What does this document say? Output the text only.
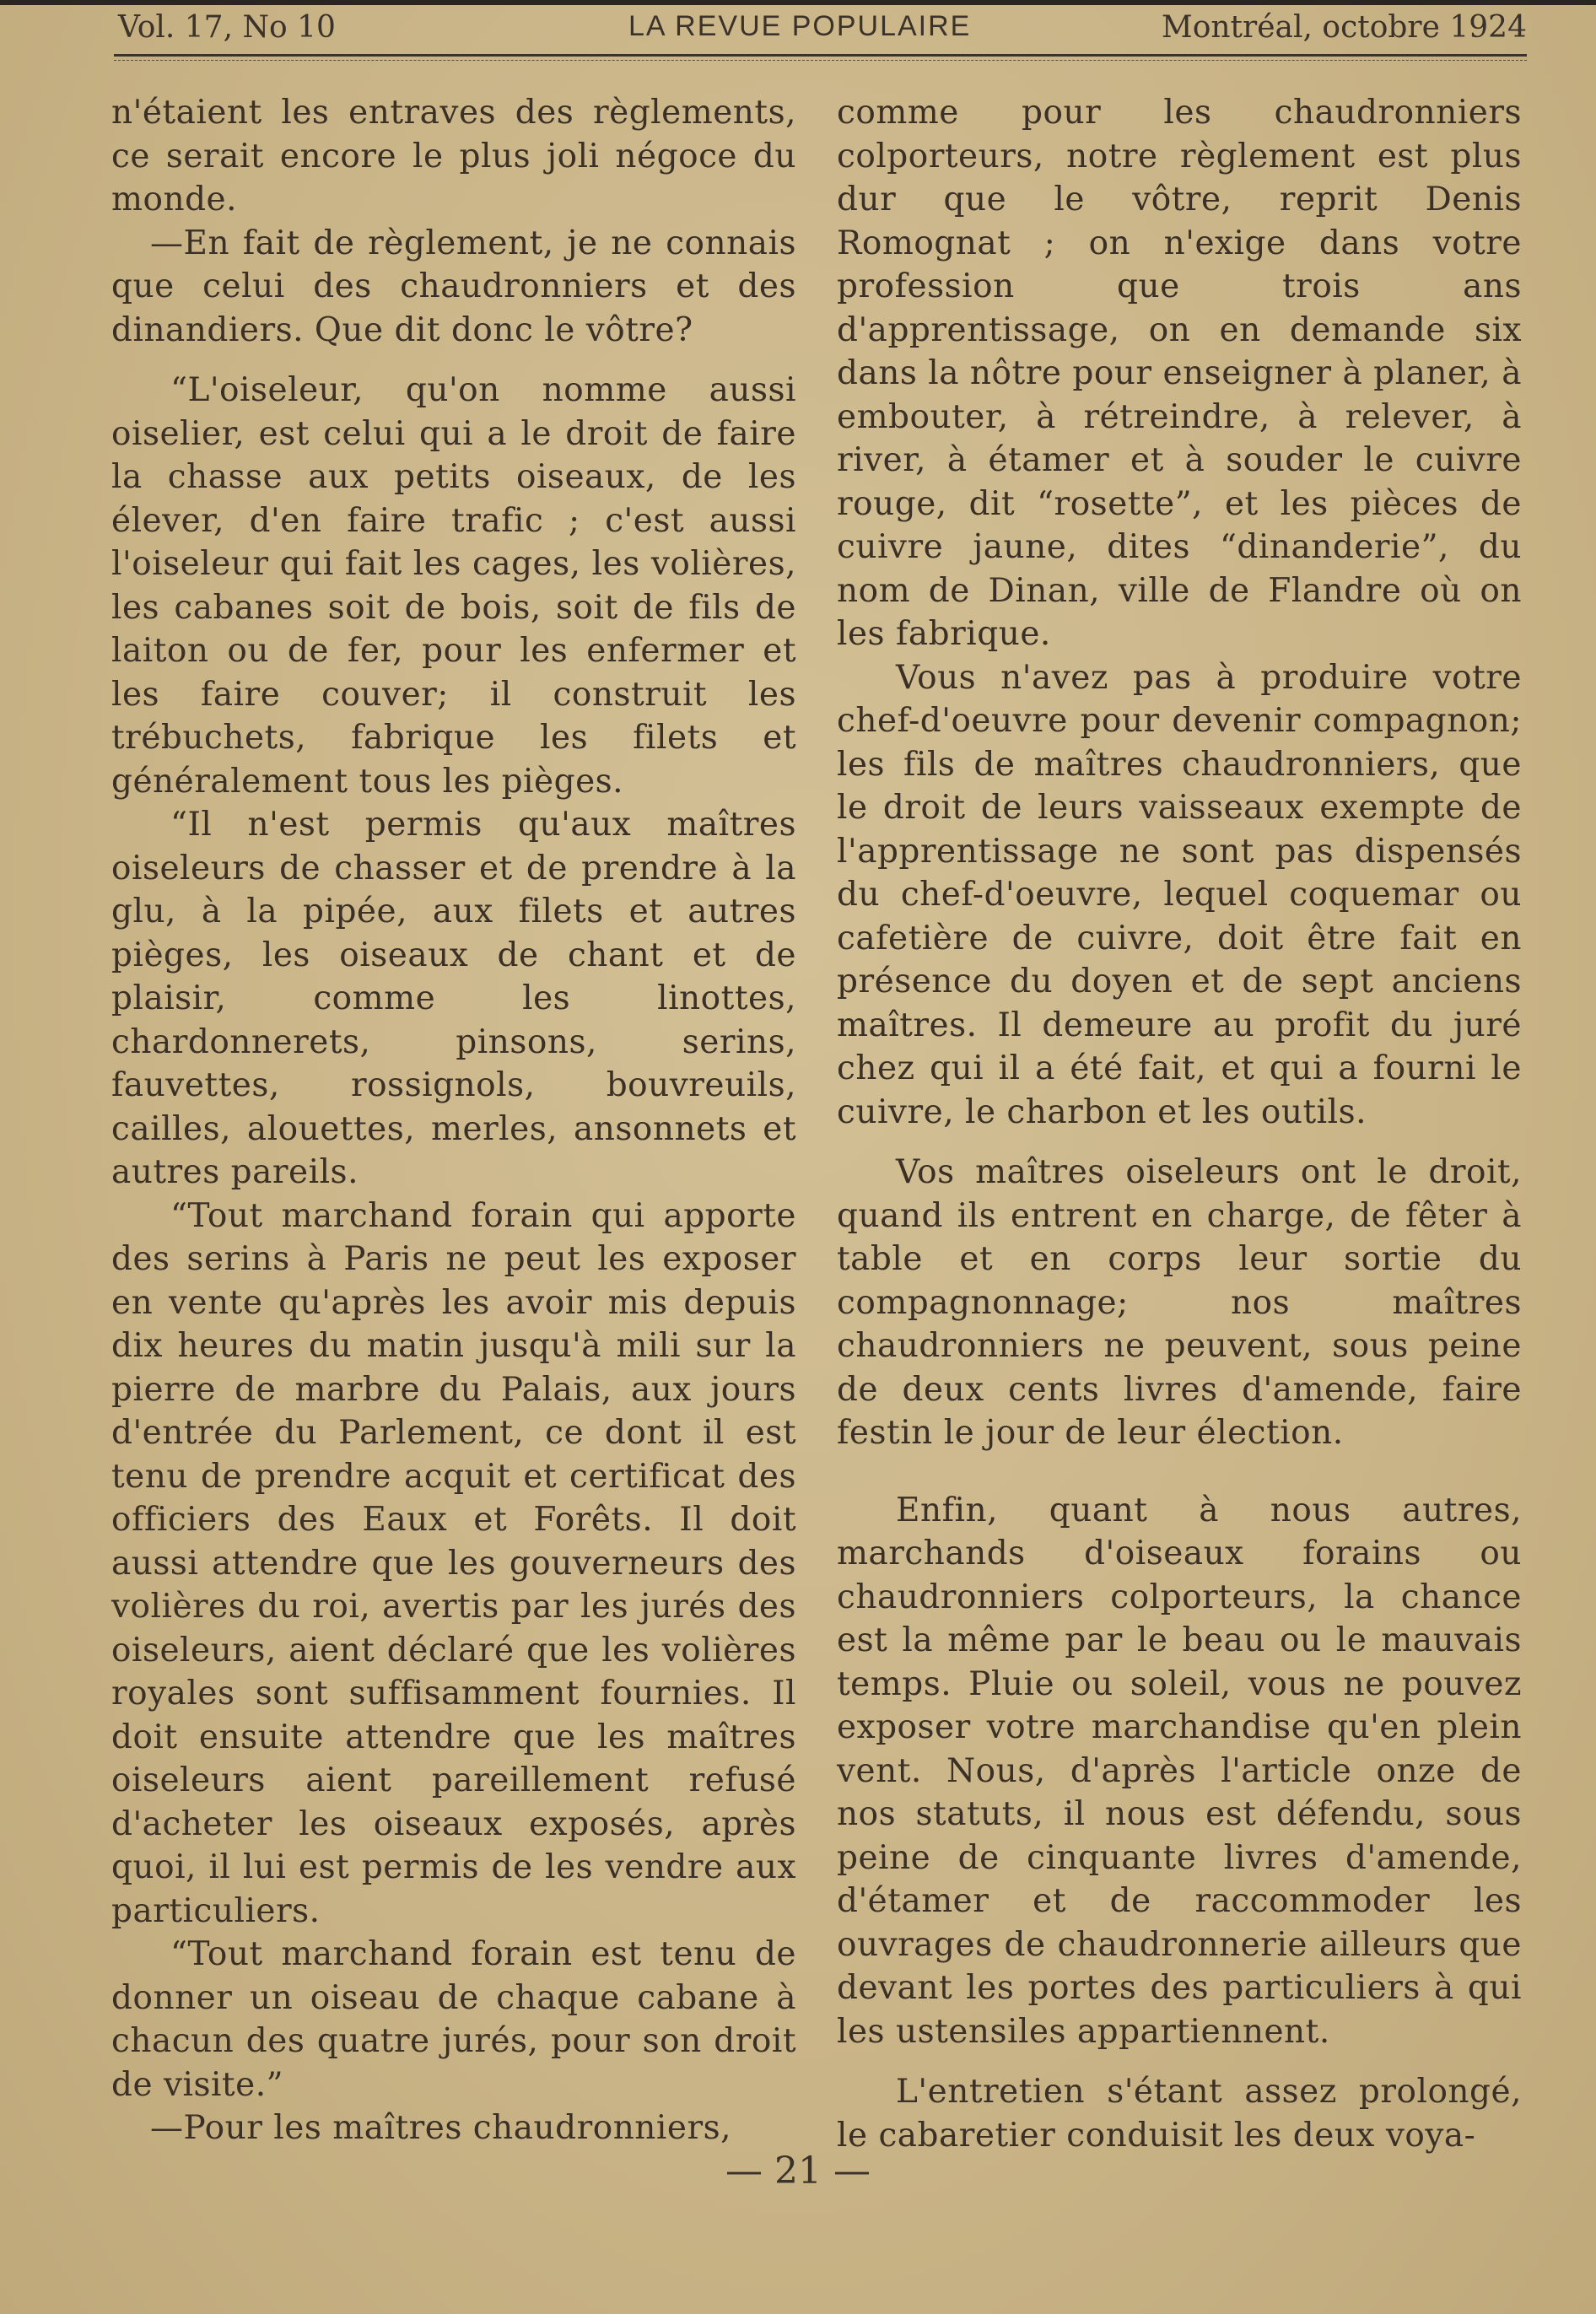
Vol. 17, No 10	LA REVUE POPULAIRE	Montréal, octobre 1924

n'étaient les entraves des règlements, ce serait encore le plus joli négoce du monde.

—En fait de règlement, je ne connais que celui des chaudronniers et des dinandiers. Que dit donc le vôtre?

“L'oiseleur, qu'on nomme aussi oiselier, est celui qui a le droit de faire la chasse aux petits oiseaux, de les élever, d'en faire trafic ; c'est aussi l'oiseleur qui fait les cages, les volières, les cabanes soit de bois, soit de fils de laiton ou de fer, pour les enfermer et les faire couver; il construit les trébuchets, fabrique les filets et généralement tous les pièges.

“Il n'est permis qu'aux maîtres oiseleurs de chasser et de prendre à la glu, à la pipée, aux filets et autres pièges, les oiseaux de chant et de plaisir, comme les linottes, chardonnerets, pinsons, serins, fauvettes, rossignols, bouvreuils, cailles, alouettes, merles, ansonnets et autres pareils.

“Tout marchand forain qui apporte des serins à Paris ne peut les exposer en vente qu'après les avoir mis depuis dix heures du matin jusqu'à mili sur la pierre de marbre du Palais, aux jours d'entrée du Parlement, ce dont il est tenu de prendre acquit et certificat des officiers des Eaux et Forêts. Il doit aussi attendre que les gouverneurs des volières du roi, avertis par les jurés des oiseleurs, aient déclaré que les volières royales sont suffisamment fournies. Il doit ensuite attendre que les maîtres oiseleurs aient pareillement refusé d'acheter les oiseaux exposés, après quoi, il lui est permis de les vendre aux particuliers.

“Tout marchand forain est tenu de donner un oiseau de chaque cabane à chacun des quatre jurés, pour son droit de visite.”

—Pour les maîtres chaudronniers,

comme pour les chaudronniers colporteurs, notre règlement est plus dur que le vôtre, reprit Denis Romognat ; on n'exige dans votre profession que trois ans d'apprentissage, on en demande six dans la nôtre pour enseigner à planer, à embouter, à rétreindre, à relever, à river, à étamer et à souder le cuivre rouge, dit “rosette”, et les pièces de cuivre jaune, dites “dinanderie”, du nom de Dinan, ville de Flandre où on les fabrique.

Vous n'avez pas à produire votre chef-d'oeuvre pour devenir compagnon; les fils de maîtres chaudronniers, que le droit de leurs vaisseaux exempte de l'apprentissage ne sont pas dispensés du chef-d'oeuvre, lequel coquemar ou cafetière de cuivre, doit être fait en présence du doyen et de sept anciens maîtres. Il demeure au profit du juré chez qui il a été fait, et qui a fourni le cuivre, le charbon et les outils.

Vos maîtres oiseleurs ont le droit, quand ils entrent en charge, de fêter à table et en corps leur sortie du compagnonnage; nos maîtres chaudronniers ne peuvent, sous peine de deux cents livres d'amende, faire festin le jour de leur élection.

Enfin, quant à nous autres, marchands d'oiseaux forains ou chaudronniers colporteurs, la chance est la même par le beau ou le mauvais temps. Pluie ou soleil, vous ne pouvez exposer votre marchandise qu'en plein vent. Nous, d'après l'article onze de nos statuts, il nous est défendu, sous peine de cinquante livres d'amende, d'étamer et de raccommoder les ouvrages de chaudronnerie ailleurs que devant les portes des particuliers à qui les ustensiles appartiennent.

L'entretien s'étant assez prolongé, le cabaretier conduisit les deux voya-

— 21 —
